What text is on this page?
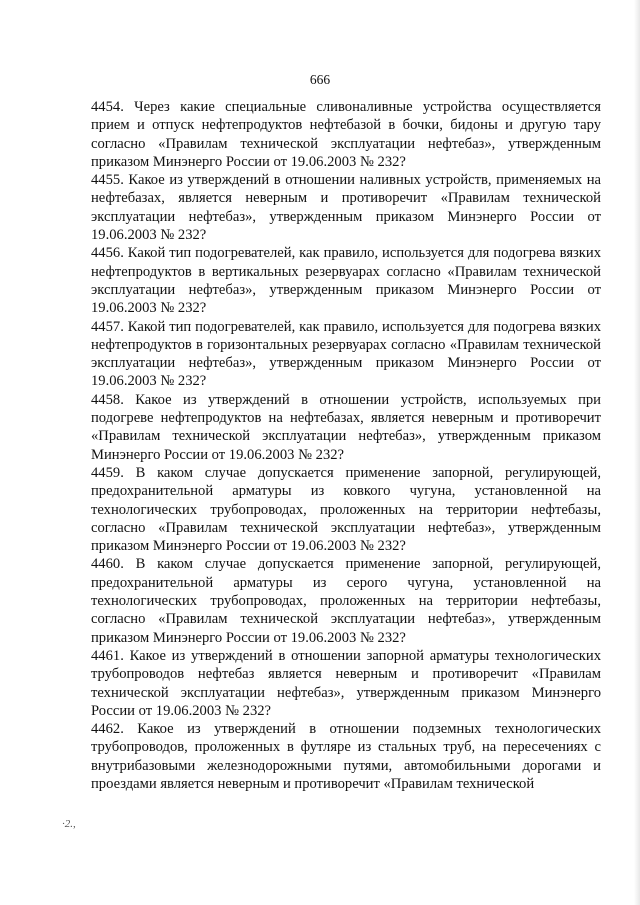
666

4454. Через какие специальные сливоналивные устройства осуществляется прием и отпуск нефтепродуктов нефтебазой в бочки, бидоны и другую тару согласно «Правилам технической эксплуатации нефтебаз», утвержденным приказом Минэнерго России от 19.06.2003 № 232?

4455. Какое из утверждений в отношении наливных устройств, применяемых на нефтебазах, является неверным и противоречит «Правилам технической эксплуатации нефтебаз», утвержденным приказом Минэнерго России от 19.06.2003 № 232?

4456. Какой тип подогревателей, как правило, используется для подогрева вязких нефтепродуктов в вертикальных резервуарах согласно «Правилам технической эксплуатации нефтебаз», утвержденным приказом Минэнерго России от 19.06.2003 № 232?

4457. Какой тип подогревателей, как правило, используется для подогрева вязких нефтепродуктов в горизонтальных резервуарах согласно «Правилам технической эксплуатации нефтебаз», утвержденным приказом Минэнерго России от 19.06.2003 № 232?

4458. Какое из утверждений в отношении устройств, используемых при подогреве нефтепродуктов на нефтебазах, является неверным и противоречит «Правилам технической эксплуатации нефтебаз», утвержденным приказом Минэнерго России от 19.06.2003 № 232?

4459. В каком случае допускается применение запорной, регулирующей, предохранительной арматуры из ковкого чугуна, установленной на технологических трубопроводах, проложенных на территории нефтебазы, согласно «Правилам технической эксплуатации нефтебаз», утвержденным приказом Минэнерго России от 19.06.2003 № 232?

4460. В каком случае допускается применение запорной, регулирующей, предохранительной арматуры из серого чугуна, установленной на технологических трубопроводах, проложенных на территории нефтебазы, согласно «Правилам технической эксплуатации нефтебаз», утвержденным приказом Минэнерго России от 19.06.2003 № 232?

4461. Какое из утверждений в отношении запорной арматуры технологических трубопроводов нефтебаз является неверным и противоречит «Правилам технической эксплуатации нефтебаз», утвержденным приказом Минэнерго России от 19.06.2003 № 232?

4462. Какое из утверждений в отношении подземных технологических трубопроводов, проложенных в футляре из стальных труб, на пересечениях с внутрибазовыми железнодорожными путями, автомобильными дорогами и проездами является неверным и противоречит «Правилам технической

·2.,
